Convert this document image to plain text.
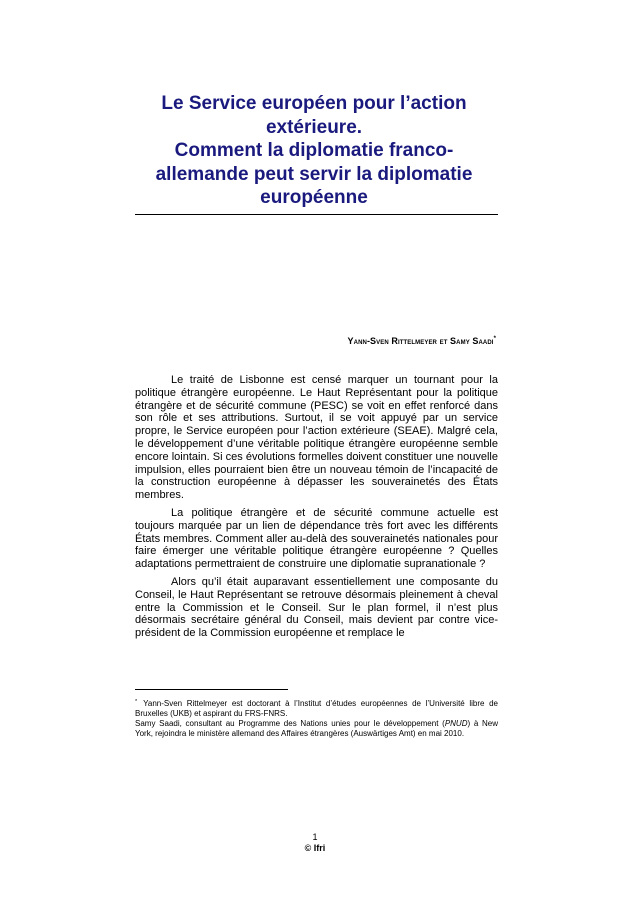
Le Service européen pour l’action
extérieure.
Comment la diplomatie franco-
allemande peut servir la diplomatie
européenne
Yann-Sven Rittelmeyer et Samy Saadi*

Le traité de Lisbonne est censé marquer un tournant pour la politique étrangère européenne. Le Haut Représentant pour la politique étrangère et de sécurité commune (PESC) se voit en effet renforcé dans son rôle et ses attributions. Surtout, il se voit appuyé par un service propre, le Service européen pour l’action extérieure (SEAE). Malgré cela, le développement d’une véritable politique étrangère européenne semble encore lointain. Si ces évolutions formelles doivent constituer une nouvelle impulsion, elles pourraient bien être un nouveau témoin de l’incapacité de la construction européenne à dépasser les souverainetés des États membres.

La politique étrangère et de sécurité commune actuelle est toujours marquée par un lien de dépendance très fort avec les différents États membres. Comment aller au-delà des souverainetés nationales pour faire émerger une véritable politique étrangère européenne ? Quelles adaptations permettraient de construire une diplomatie supranationale ?

Alors qu’il était auparavant essentiellement une composante du Conseil, le Haut Représentant se retrouve désormais pleinement à cheval entre la Commission et le Conseil. Sur le plan formel, il n’est plus désormais secrétaire général du Conseil, mais devient par contre vice-président de la Commission européenne et remplace le

* Yann-Sven Rittelmeyer est doctorant à l’Institut d’études européennes de l’Université libre de Bruxelles (UKB) et aspirant du FRS-FNRS.

Samy Saadi, consultant au Programme des Nations unies pour le développement (PNUD) à New York, rejoindra le ministère allemand des Affaires étrangères (Auswärtiges Amt) en mai 2010.

1
© Ifri
